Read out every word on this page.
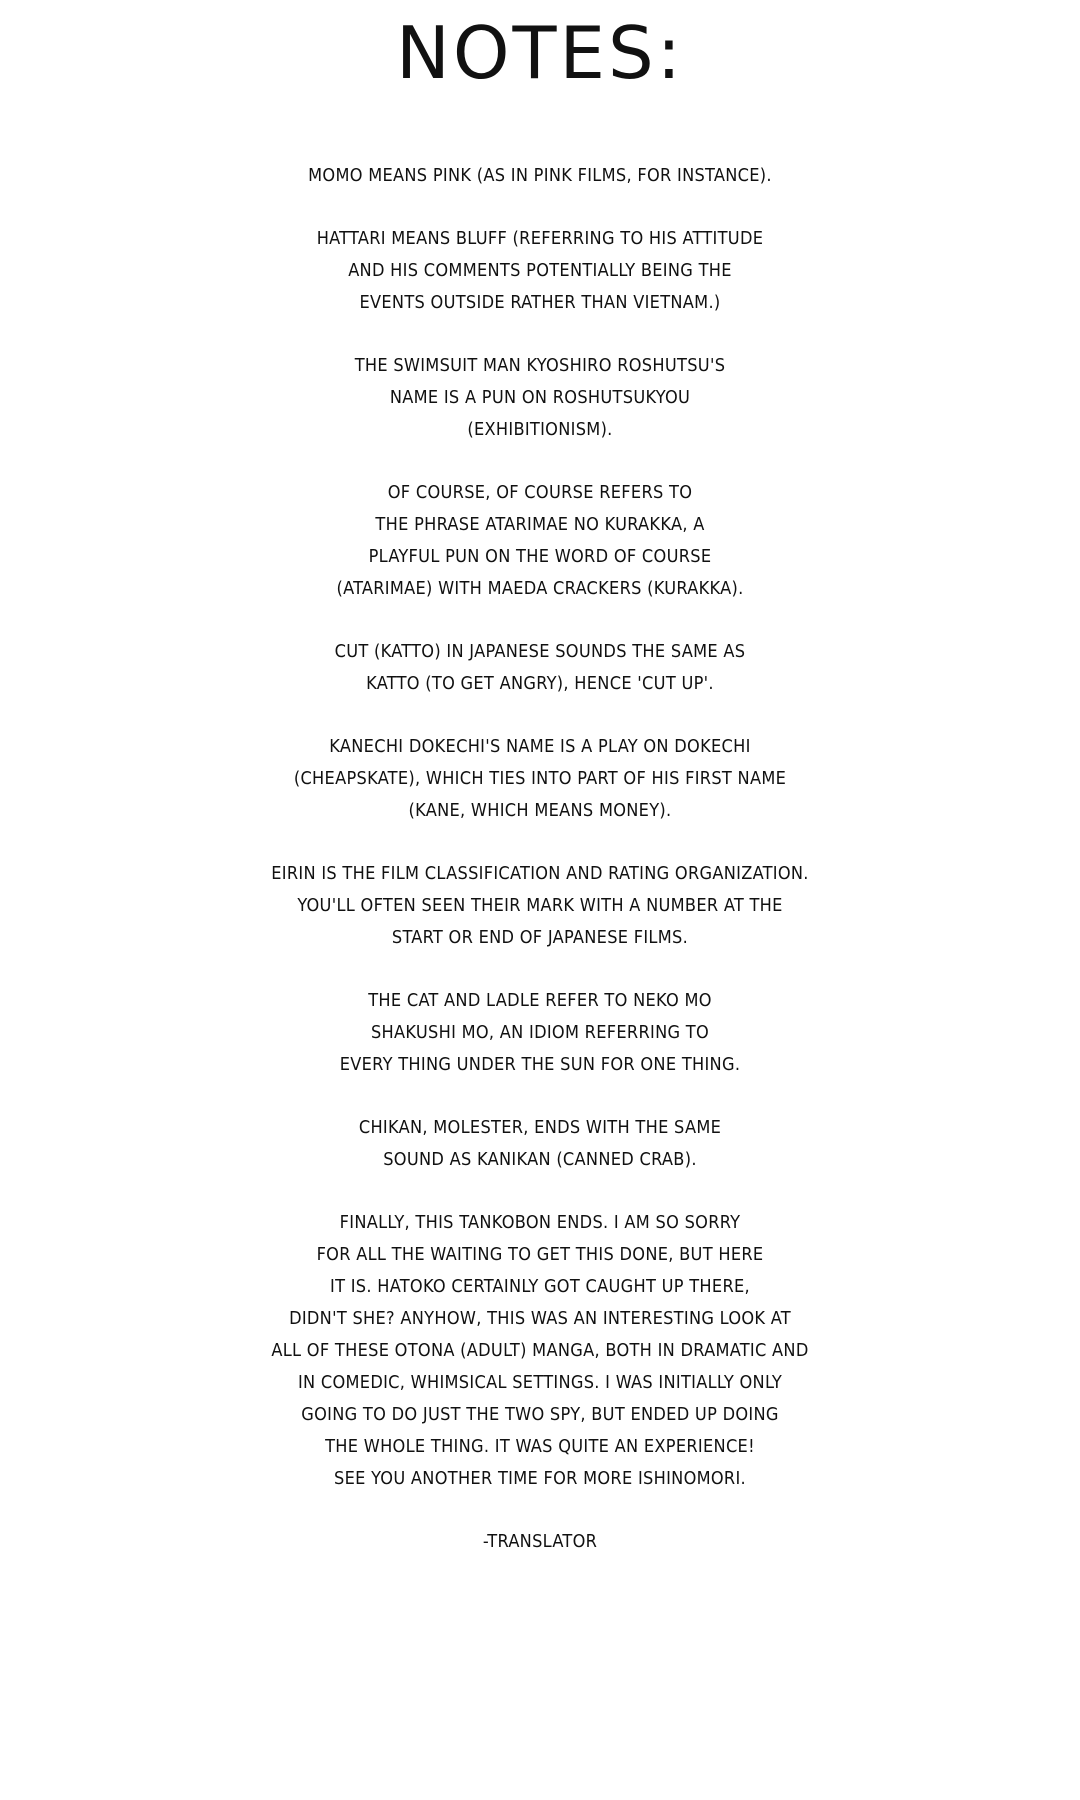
NOTES:
MOMO MEANS PINK (AS IN PINK FILMS, FOR INSTANCE).
HATTARI MEANS BLUFF (REFERRING TO HIS ATTITUDE
AND HIS COMMENTS POTENTIALLY BEING THE
EVENTS OUTSIDE RATHER THAN VIETNAM.)
THE SWIMSUIT MAN KYOSHIRO ROSHUTSU'S
NAME IS A PUN ON ROSHUTSUKYOU
(EXHIBITIONISM).
OF COURSE, OF COURSE REFERS TO
THE PHRASE ATARIMAE NO KURAKKA, A
PLAYFUL PUN ON THE WORD OF COURSE
(ATARIMAE) WITH MAEDA CRACKERS (KURAKKA).
CUT (KATTO) IN JAPANESE SOUNDS THE SAME AS
KATTO (TO GET ANGRY), HENCE 'CUT UP'.
KANECHI DOKECHI'S NAME IS A PLAY ON DOKECHI
(CHEAPSKATE), WHICH TIES INTO PART OF HIS FIRST NAME
(KANE, WHICH MEANS MONEY).
EIRIN IS THE FILM CLASSIFICATION AND RATING ORGANIZATION.
YOU'LL OFTEN SEEN THEIR MARK WITH A NUMBER AT THE
START OR END OF JAPANESE FILMS.
THE CAT AND LADLE REFER TO NEKO MO
SHAKUSHI MO, AN IDIOM REFERRING TO
EVERY THING UNDER THE SUN FOR ONE THING.
CHIKAN, MOLESTER, ENDS WITH THE SAME
SOUND AS KANIKAN (CANNED CRAB).
FINALLY, THIS TANKOBON ENDS. I AM SO SORRY
FOR ALL THE WAITING TO GET THIS DONE, BUT HERE
IT IS. HATOKO CERTAINLY GOT CAUGHT UP THERE,
DIDN'T SHE? ANYHOW, THIS WAS AN INTERESTING LOOK AT
ALL OF THESE OTONA (ADULT) MANGA, BOTH IN DRAMATIC AND
IN COMEDIC, WHIMSICAL SETTINGS. I WAS INITIALLY ONLY
GOING TO DO JUST THE TWO SPY, BUT ENDED UP DOING
THE WHOLE THING. IT WAS QUITE AN EXPERIENCE!
SEE YOU ANOTHER TIME FOR MORE ISHINOMORI.
-TRANSLATOR
